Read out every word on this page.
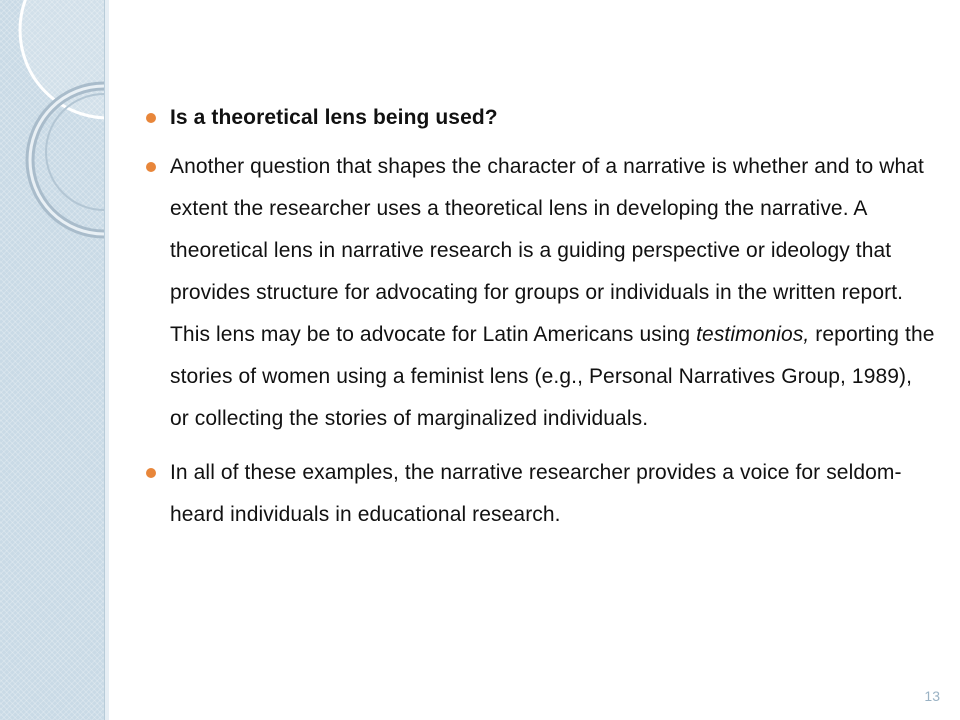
Is a theoretical lens being used?
Another question that shapes the character of a narrative is whether and to what extent the researcher uses a theoretical lens in developing the narrative. A theoretical lens in narrative research is a guiding perspective or ideology that provides structure for advocating for groups or individuals in the written report. This lens may be to advocate for Latin Americans using testimonios, reporting the stories of women using a feminist lens (e.g., Personal Narratives Group, 1989), or collecting the stories of marginalized individuals.
In all of these examples, the narrative researcher provides a voice for seldom-heard individuals in educational research.
13
